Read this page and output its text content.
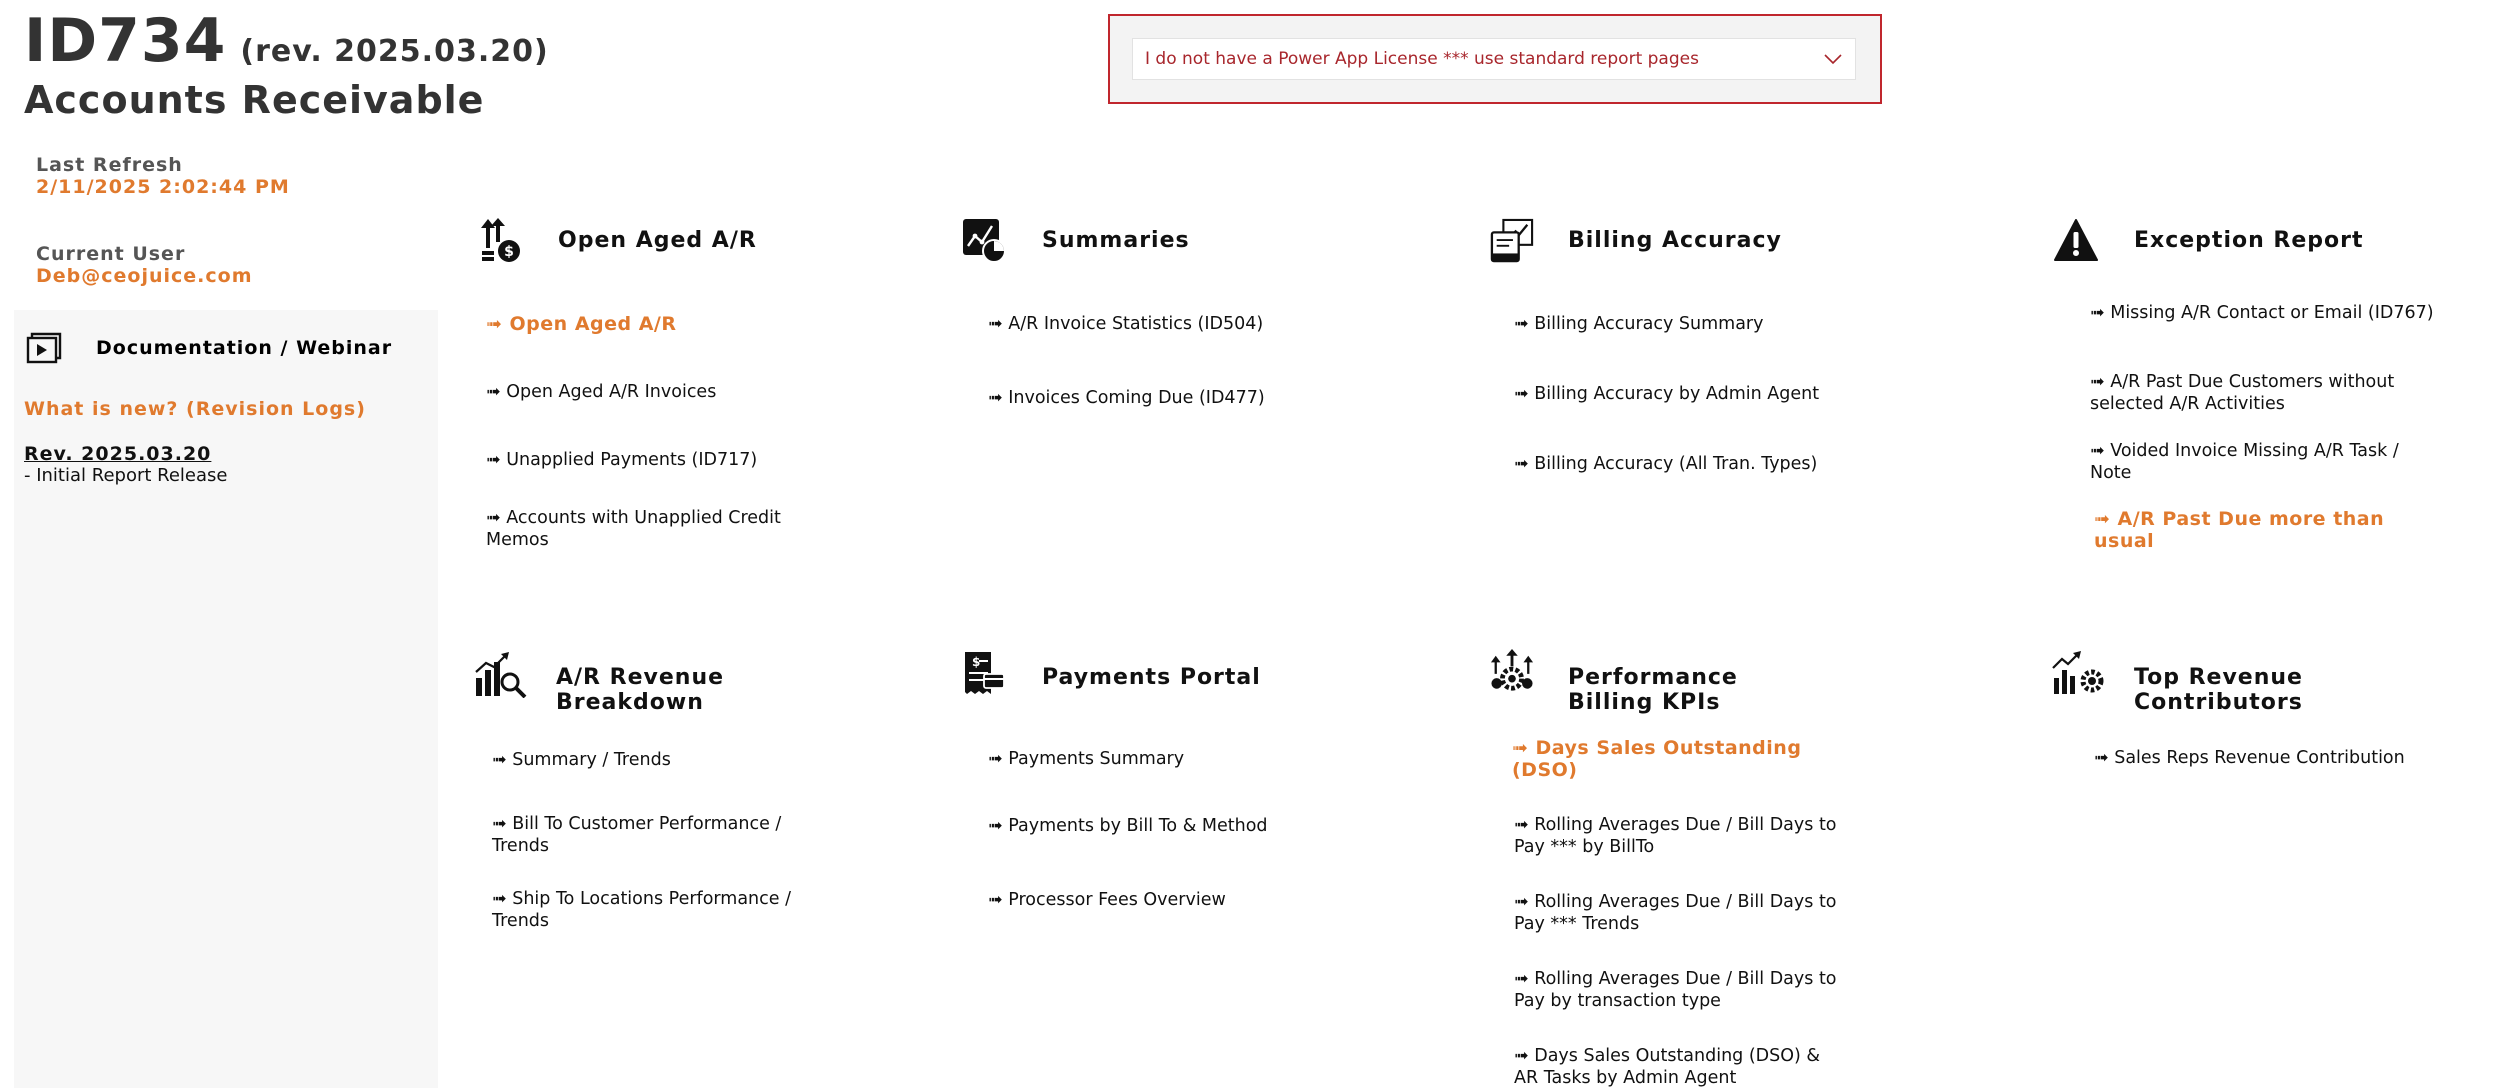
ID734 (rev. 2025.03.20)
Accounts Receivable
Last Refresh
2/11/2025 2:02:44 PM
Current User
Deb@ceojuice.com
Documentation / Webinar
What is new? (Revision Logs)
Rev. 2025.03.20
- Initial Report Release
I do not have a Power App License *** use standard report pages
$ Open Aged A/R
➟ Open Aged A/R
➟ Open Aged A/R Invoices
➟ Unapplied Payments (ID717)
➟ Accounts with Unapplied Credit Memos
Summaries
➟ A/R Invoice Statistics (ID504)
➟ Invoices Coming Due (ID477)
Billing Accuracy
➟ Billing Accuracy Summary
➟ Billing Accuracy by Admin Agent
➟ Billing Accuracy (All Tran. Types)
Exception Report
➟ Missing A/R Contact or Email (ID767)
➟ A/R Past Due Customers without selected A/R Activities
➟ Voided Invoice Missing A/R Task / Note
➟ A/R Past Due more than usual
A/R Revenue Breakdown
➟ Summary / Trends
➟ Bill To Customer Performance / Trends
➟ Ship To Locations Performance / Trends
$
Payments Portal
➟ Payments Summary
➟ Payments by Bill To & Method
➟ Processor Fees Overview
Performance Billing KPIs
➟ Days Sales Outstanding (DSO)
➟ Rolling Averages Due / Bill Days to Pay *** by BillTo
➟ Rolling Averages Due / Bill Days to Pay *** Trends
➟ Rolling Averages Due / Bill Days to Pay by transaction type
➟ Days Sales Outstanding (DSO) & AR Tasks by Admin Agent
Top Revenue Contributors
➟ Sales Reps Revenue Contribution
